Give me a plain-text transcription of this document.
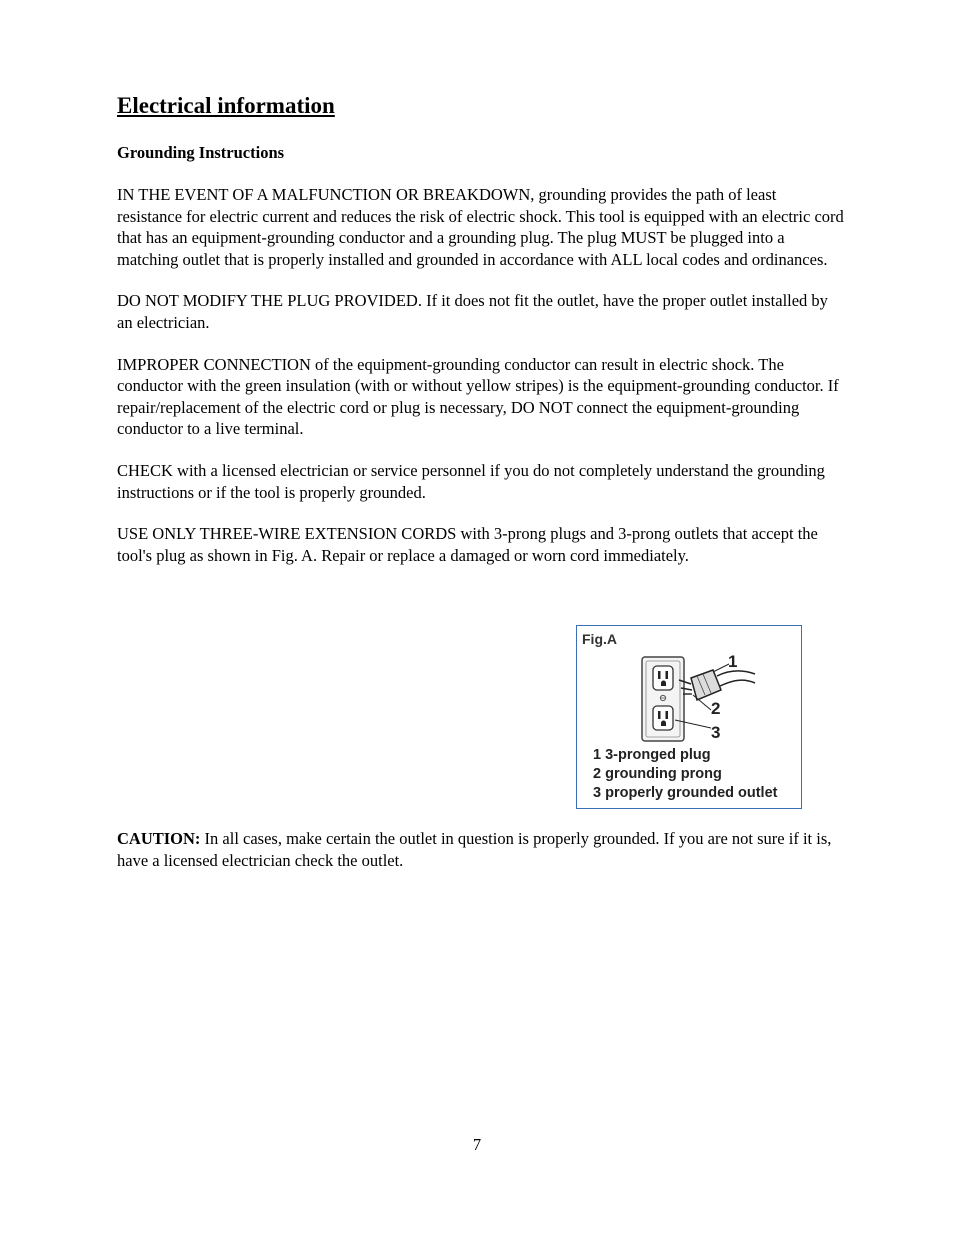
Electrical information
Grounding Instructions

IN THE EVENT OF A MALFUNCTION OR BREAKDOWN, grounding provides the path of least resistance for electric current and reduces the risk of electric shock. This tool is equipped with an electric cord that has an equipment-grounding conductor and a grounding plug. The plug MUST be plugged into a matching outlet that is properly installed and grounded in accordance with ALL local codes and ordinances.

DO NOT MODIFY THE PLUG PROVIDED. If it does not fit the outlet, have the proper outlet installed by an electrician.

IMPROPER CONNECTION of the equipment-grounding conductor can result in electric shock. The conductor with the green insulation (with or without yellow stripes) is the equipment-grounding conductor. If repair/replacement of the electric cord or plug is necessary, DO NOT connect the equipment-grounding conductor to a live terminal.

CHECK with a licensed electrician or service personnel if you do not completely understand the grounding instructions or if the tool is properly grounded.

USE ONLY THREE-WIRE EXTENSION CORDS with 3-prong plugs and 3-prong outlets that accept the tool's plug as shown in Fig. A. Repair or replace a damaged or worn cord immediately.

Fig.A
1
2
3
1 3-pronged plug
2 grounding prong
3 properly grounded outlet
CAUTION: In all cases, make certain the outlet in question is properly grounded. If you are not sure if it is, have a licensed electrician check the outlet.
7
